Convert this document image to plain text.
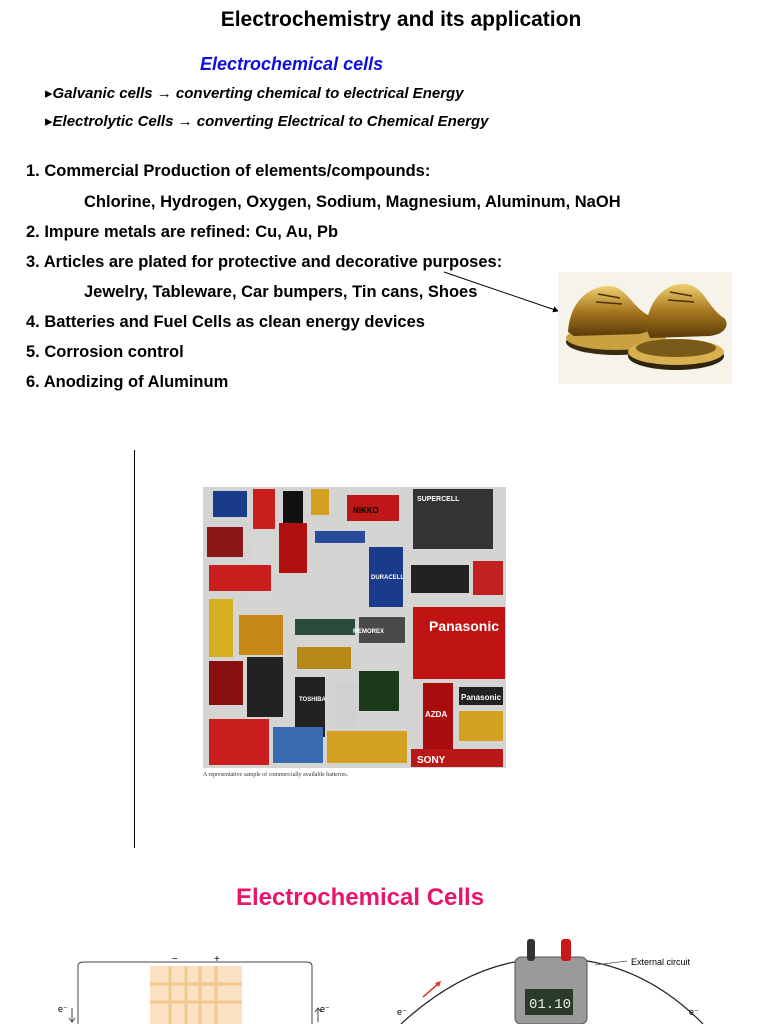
Electrochemistry and its application
Electrochemical cells
▸Galvanic cells → converting chemical to electrical Energy
▸Electrolytic Cells → converting Electrical to Chemical Energy
1. Commercial Production of elements/compounds:
Chlorine, Hydrogen, Oxygen, Sodium, Magnesium, Aluminum, NaOH
2. Impure metals are refined: Cu, Au, Pb
3. Articles are plated for protective and decorative purposes:
Jewelry, Tableware, Car bumpers, Tin cans, Shoes
4. Batteries and Fuel Cells as clean energy devices
5. Corrosion control
6. Anodizing of Aluminum
Panasonic
NIKKO
SUPERCELL
MEMOREX
DURACELL
AZDA
TOSHIBA
SONY
Panasonic
A representative sample of commercially available batteries.
Electrochemical Cells
−	+
e⁻	e⁻	01.10
External circuit
e⁻	e⁻
